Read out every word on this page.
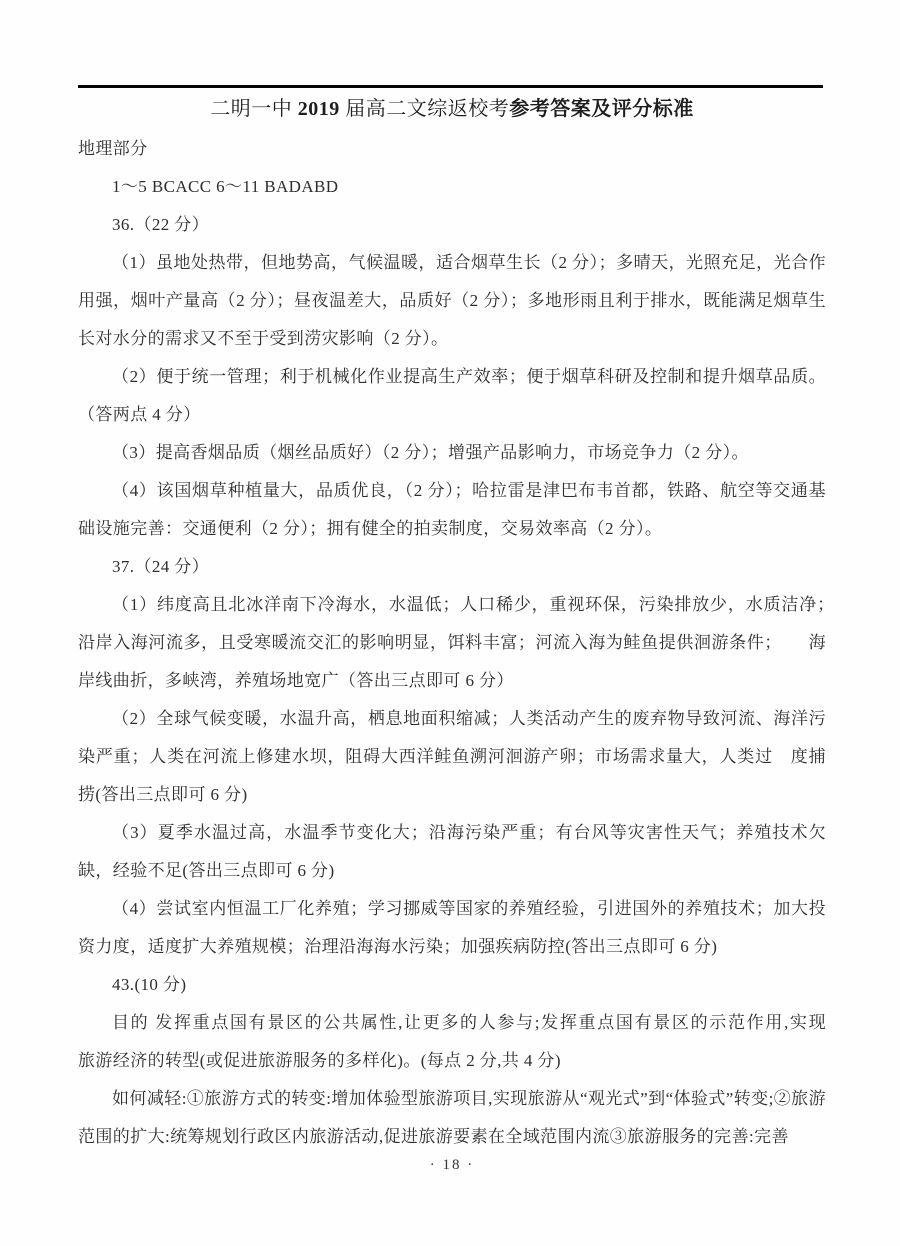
二明一中 2019 届高二文综返校考参考答案及评分标准

地理部分

1～5 BCACC 6～11 BADABD

36.（22 分）

（1）虽地处热带，但地势高，气候温暖，适合烟草生长（2 分）；多晴天，光照充足，光合作用强，烟叶产量高（2 分）；昼夜温差大，品质好（2 分）；多地形雨且利于排水，既能满足烟草生长对水分的需求又不至于受到涝灾影响（2 分）。

（2）便于统一管理；利于机械化作业提高生产效率；便于烟草科研及控制和提升烟草品质。（答两点 4 分）

（3）提高香烟品质（烟丝品质好）（2 分）；增强产品影响力，市场竞争力（2 分）。

（4）该国烟草种植量大，品质优良，（2 分）；哈拉雷是津巴布韦首都，铁路、航空等交通基础设施完善：交通便利（2 分）；拥有健全的拍卖制度，交易效率高（2 分）。

37.（24 分）

（1）纬度高且北冰洋南下冷海水，水温低；人口稀少，重视环保，污染排放少，水质洁净；　沿岸入海河流多，且受寒暖流交汇的影响明显，饵料丰富；河流入海为鲑鱼提供洄游条件；　　海岸线曲折，多峡湾，养殖场地宽广（答出三点即可 6 分）

（2）全球气候变暖，水温升高，栖息地面积缩减；人类活动产生的废弃物导致河流、海洋污染严重；人类在河流上修建水坝，阻碍大西洋鲑鱼溯河洄游产卵；市场需求量大，人类过　度捕捞(答出三点即可 6 分)

（3）夏季水温过高，水温季节变化大；沿海污染严重；有台风等灾害性天气；养殖技术欠缺，经验不足(答出三点即可 6 分)

（4）尝试室内恒温工厂化养殖；学习挪威等国家的养殖经验，引进国外的养殖技术；加大投资力度，适度扩大养殖规模；治理沿海海水污染；加强疾病防控(答出三点即可 6 分)

43.(10 分)

目的 发挥重点国有景区的公共属性,让更多的人参与;发挥重点国有景区的示范作用,实现　　旅游经济的转型(或促进旅游服务的多样化)。(每点 2 分,共 4 分)

如何减轻:①旅游方式的转变:增加体验型旅游项目,实现旅游从“观光式”到“体验式”转变;②旅游范围的扩大:统筹规划行政区内旅游活动,促进旅游要素在全域范围内流③旅游服务的完善:完善

· 18 ·
